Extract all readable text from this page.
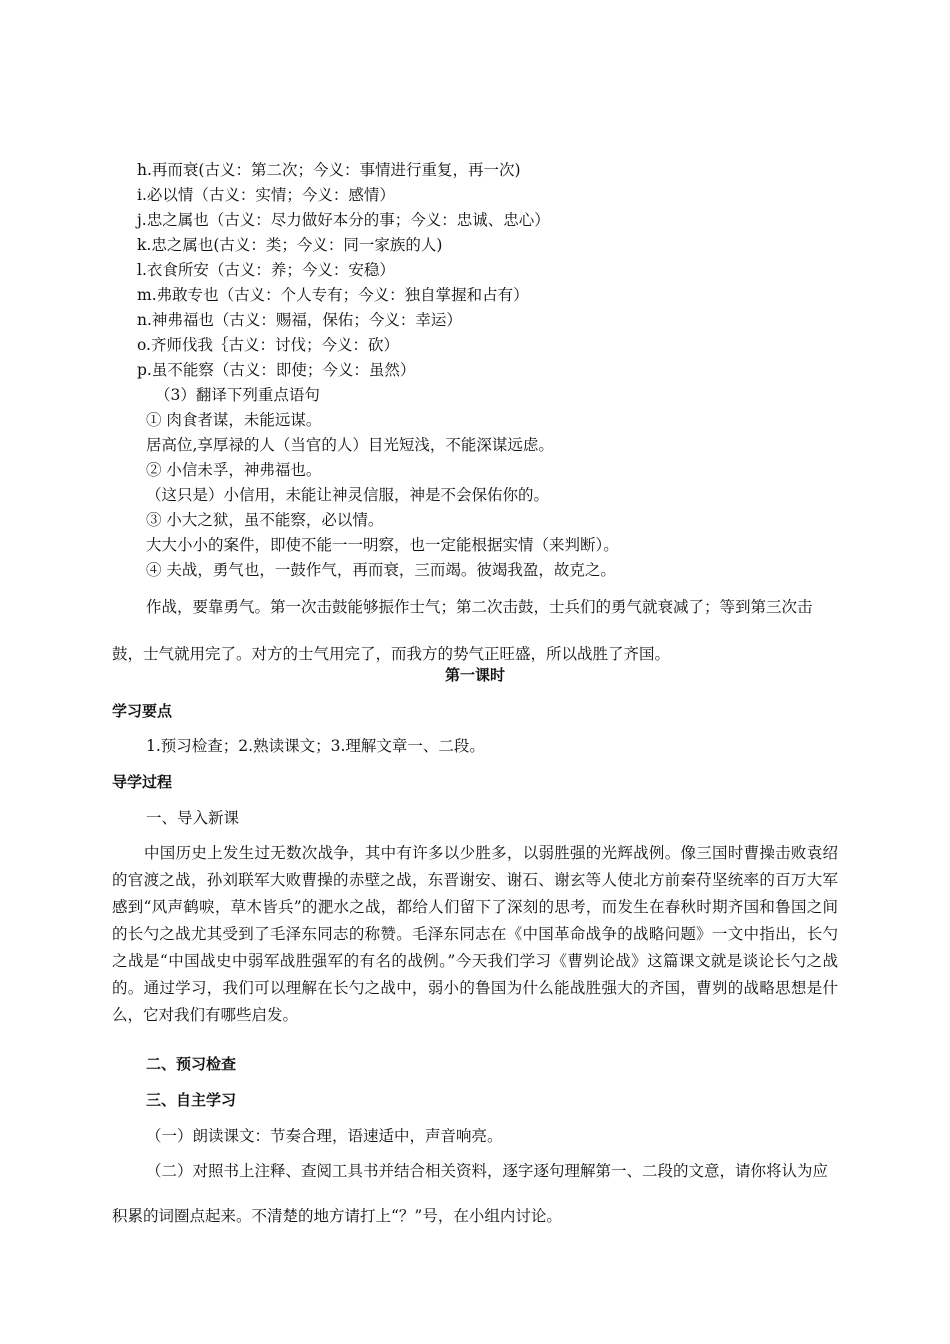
h.再而衰(古义：第二次；今义：事情进行重复，再一次)
i.必以情（古义：实情；今义：感情）
j.忠之属也（古义：尽力做好本分的事；今义：忠诚、忠心）
k.忠之属也(古义：类；今义：同一家族的人)
l.衣食所安（古义：养；今义：安稳）
m.弗敢专也（古义：个人专有；今义：独自掌握和占有）
n.神弗福也（古义：赐福，保佑；今义：幸运）
o.齐师伐我｛古义：讨伐；今义：砍）
p.虽不能察（古义：即使；今义：虽然）
（3）翻译下列重点语句
① 肉食者谋，未能远谋。
居高位,享厚禄的人（当官的人）目光短浅，不能深谋远虑。
② 小信未孚，神弗福也。
（这只是）小信用，未能让神灵信服，神是不会保佑你的。
③ 小大之狱，虽不能察，必以情。
大大小小的案件，即使不能一一明察，也一定能根据实情（来判断）。
④ 夫战，勇气也，一鼓作气，再而衰，三而竭。彼竭我盈，故克之。
作战，要靠勇气。第一次击鼓能够振作士气；第二次击鼓，士兵们的勇气就衰减了；等到第三次击鼓，士气就用完了。对方的士气用完了，而我方的势气正旺盛，所以战胜了齐国。
第一课时
学习要点
1.预习检查；2.熟读课文；3.理解文章一、二段。
导学过程
一、导入新课
中国历史上发生过无数次战争，其中有许多以少胜多，以弱胜强的光辉战例。像三国时曹操击败袁绍的官渡之战，孙刘联军大败曹操的赤壁之战，东晋谢安、谢石、谢玄等人使北方前秦苻坚统率的百万大军感到“风声鹤唳，草木皆兵”的淝水之战，都给人们留下了深刻的思考，而发生在春秋时期齐国和鲁国之间的长勺之战尤其受到了毛泽东同志的称赞。毛泽东同志在《中国革命战争的战略问题》一文中指出，长勺之战是“中国战史中弱军战胜强军的有名的战例。”今天我们学习《曹刿论战》这篇课文就是谈论长勺之战的。通过学习，我们可以理解在长勺之战中，弱小的鲁国为什么能战胜强大的齐国，曹刿的战略思想是什么，它对我们有哪些启发。
二、预习检查
三、自主学习
（一）朗读课文：节奏合理，语速适中，声音响亮。
（二）对照书上注释、查阅工具书并结合相关资料，逐字逐句理解第一、二段的文意，请你将认为应积累的词圈点起来。不清楚的地方请打上“？”号，在小组内讨论。
